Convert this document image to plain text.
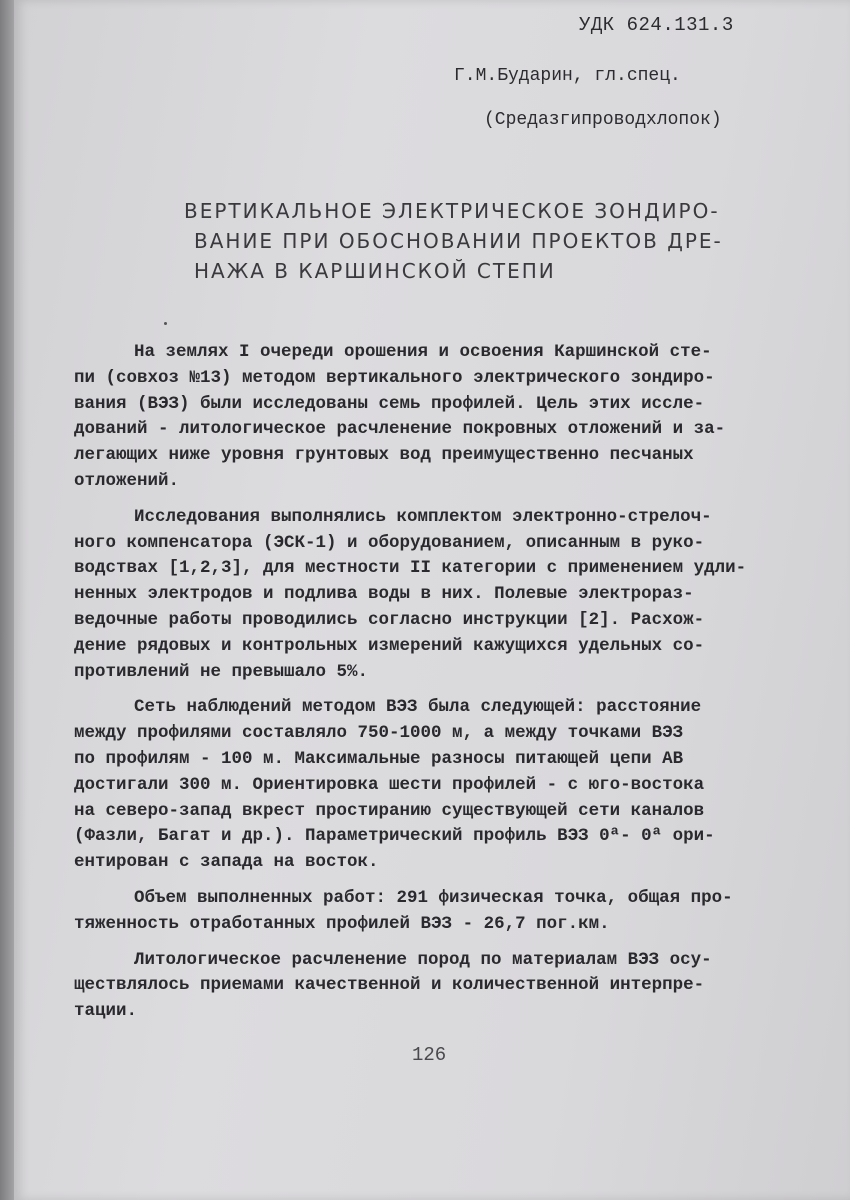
УДК 624.131.3
Г.М.Бударин, гл.спец.
(Средазгипроводхлопок)
ВЕРТИКАЛЬНОЕ ЭЛЕКТРИЧЕСКОЕ ЗОНДИРО-
ВАНИЕ ПРИ ОБОСНОВАНИИ ПРОЕКТОВ ДРЕ-
НАЖА В КАРШИНСКОЙ СТЕПИ
На землях I очереди орошения и освоения Каршинской сте-
пи (совхоз №13) методом вертикального электрического зондиро-
вания (ВЭЗ) были исследованы семь профилей. Цель этих иссле-
дований - литологическое расчленение покровных отложений и за-
легающих ниже уровня грунтовых вод преимущественно песчаных
отложений.
Исследования выполнялись комплектом электронно-стрелоч-
ного компенсатора (ЭСК-1) и оборудованием, описанным в руко-
водствах [1,2,3], для местности II категории с применением удли-
ненных электродов и подлива воды в них. Полевые электрораз-
ведочные работы проводились согласно инструкции [2]. Расхож-
дение рядовых и контрольных измерений кажущихся удельных со-
противлений не превышало 5%.
Сеть наблюдений методом ВЭЗ была следующей: расстояние
между профилями составляло 750-1000 м, а между точками ВЭЗ
по профилям - 100 м. Максимальные разносы питающей цепи АВ
достигали 300 м. Ориентировка шести профилей - с юго-востока
на северо-запад вкрест простиранию существующей сети каналов
(Фазли, Багат и др.). Параметрический профиль ВЭЗ 0ª- 0ª ори-
ентирован с запада на восток.
Объем выполненных работ: 291 физическая точка, общая про-
тяженность отработанных профилей ВЭЗ - 26,7 пог.км.
Литологическое расчленение пород по материалам ВЭЗ осу-
ществлялось приемами качественной и количественной интерпре-
тации.
126
